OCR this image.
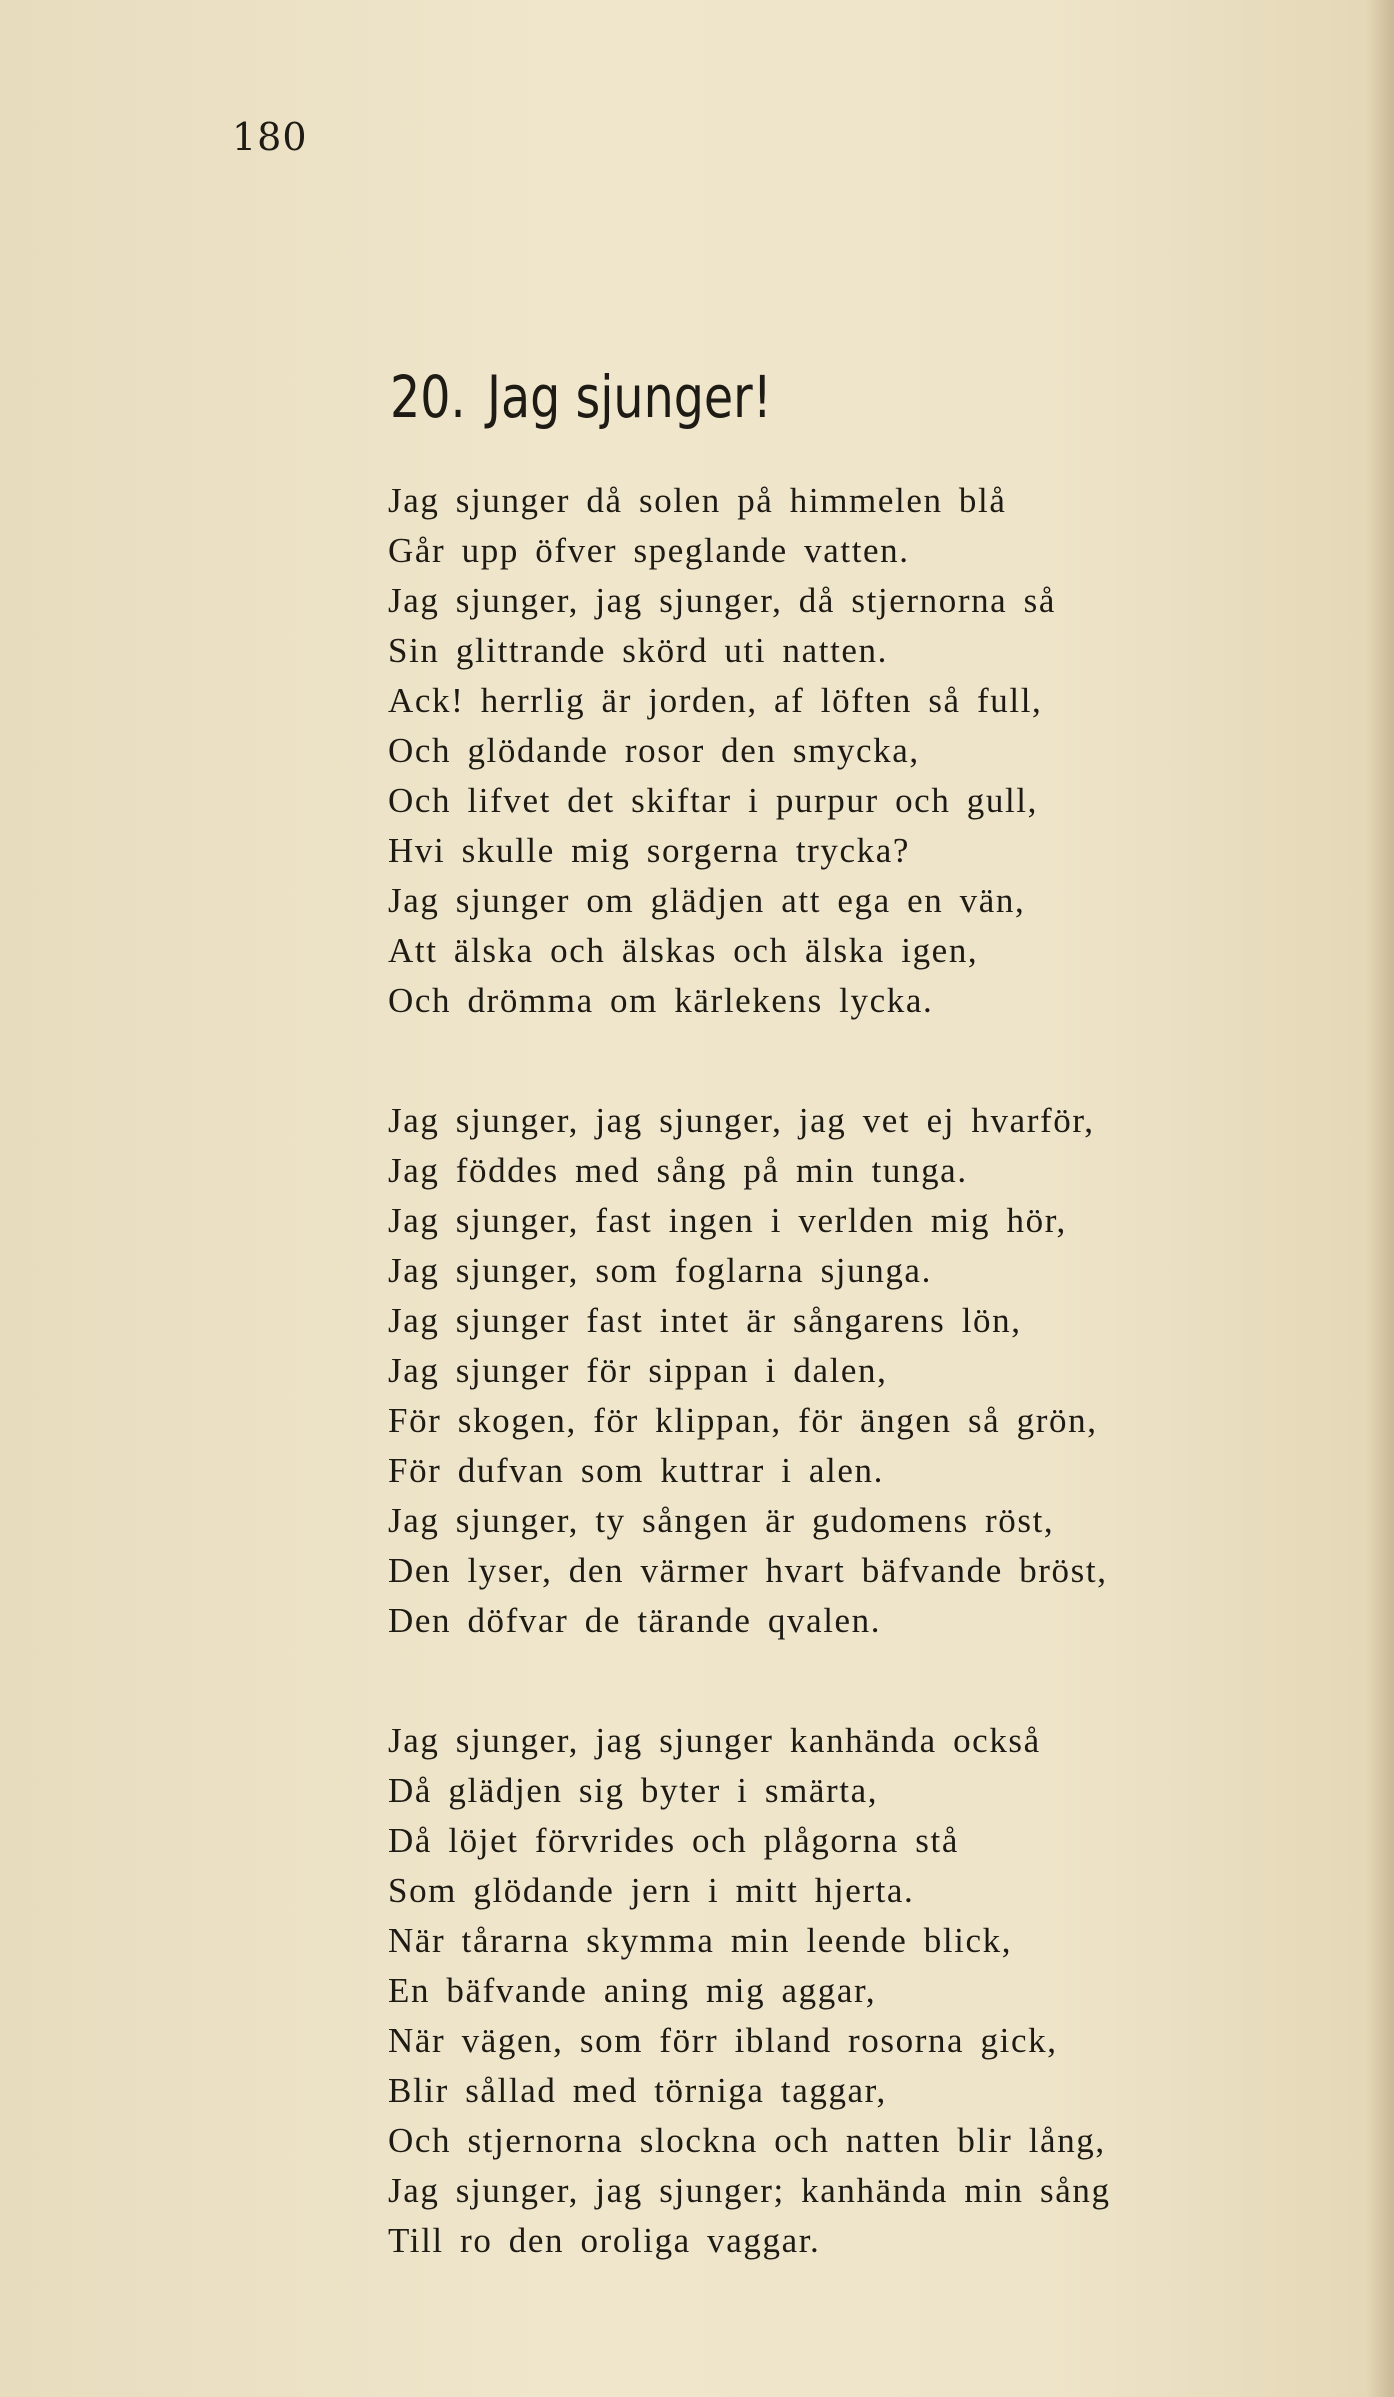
180
20. Jag sjunger!
Jag sjunger då solen på himmelen blå
Går upp öfver speglande vatten.
Jag sjunger, jag sjunger, då stjernorna så
Sin glittrande skörd uti natten.
Ack! herrlig är jorden, af löften så full,
Och glödande rosor den smycka,
Och lifvet det skiftar i purpur och gull,
Hvi skulle mig sorgerna trycka?
Jag sjunger om glädjen att ega en vän,
Att älska och älskas och älska igen,
Och drömma om kärlekens lycka.
Jag sjunger, jag sjunger, jag vet ej hvarför,
Jag föddes med sång på min tunga.
Jag sjunger, fast ingen i verlden mig hör,
Jag sjunger, som foglarna sjunga.
Jag sjunger fast intet är sångarens lön,
Jag sjunger för sippan i dalen,
För skogen, för klippan, för ängen så grön,
För dufvan som kuttrar i alen.
Jag sjunger, ty sången är gudomens röst,
Den lyser, den värmer hvart bäfvande bröst,
Den döfvar de tärande qvalen.
Jag sjunger, jag sjunger kanhända också
Då glädjen sig byter i smärta,
Då löjet förvrides och plågorna stå
Som glödande jern i mitt hjerta.
När tårarna skymma min leende blick,
En bäfvande aning mig aggar,
När vägen, som förr ibland rosorna gick,
Blir sållad med törniga taggar,
Och stjernorna slockna och natten blir lång,
Jag sjunger, jag sjunger; kanhända min sång
Till ro den oroliga vaggar.
